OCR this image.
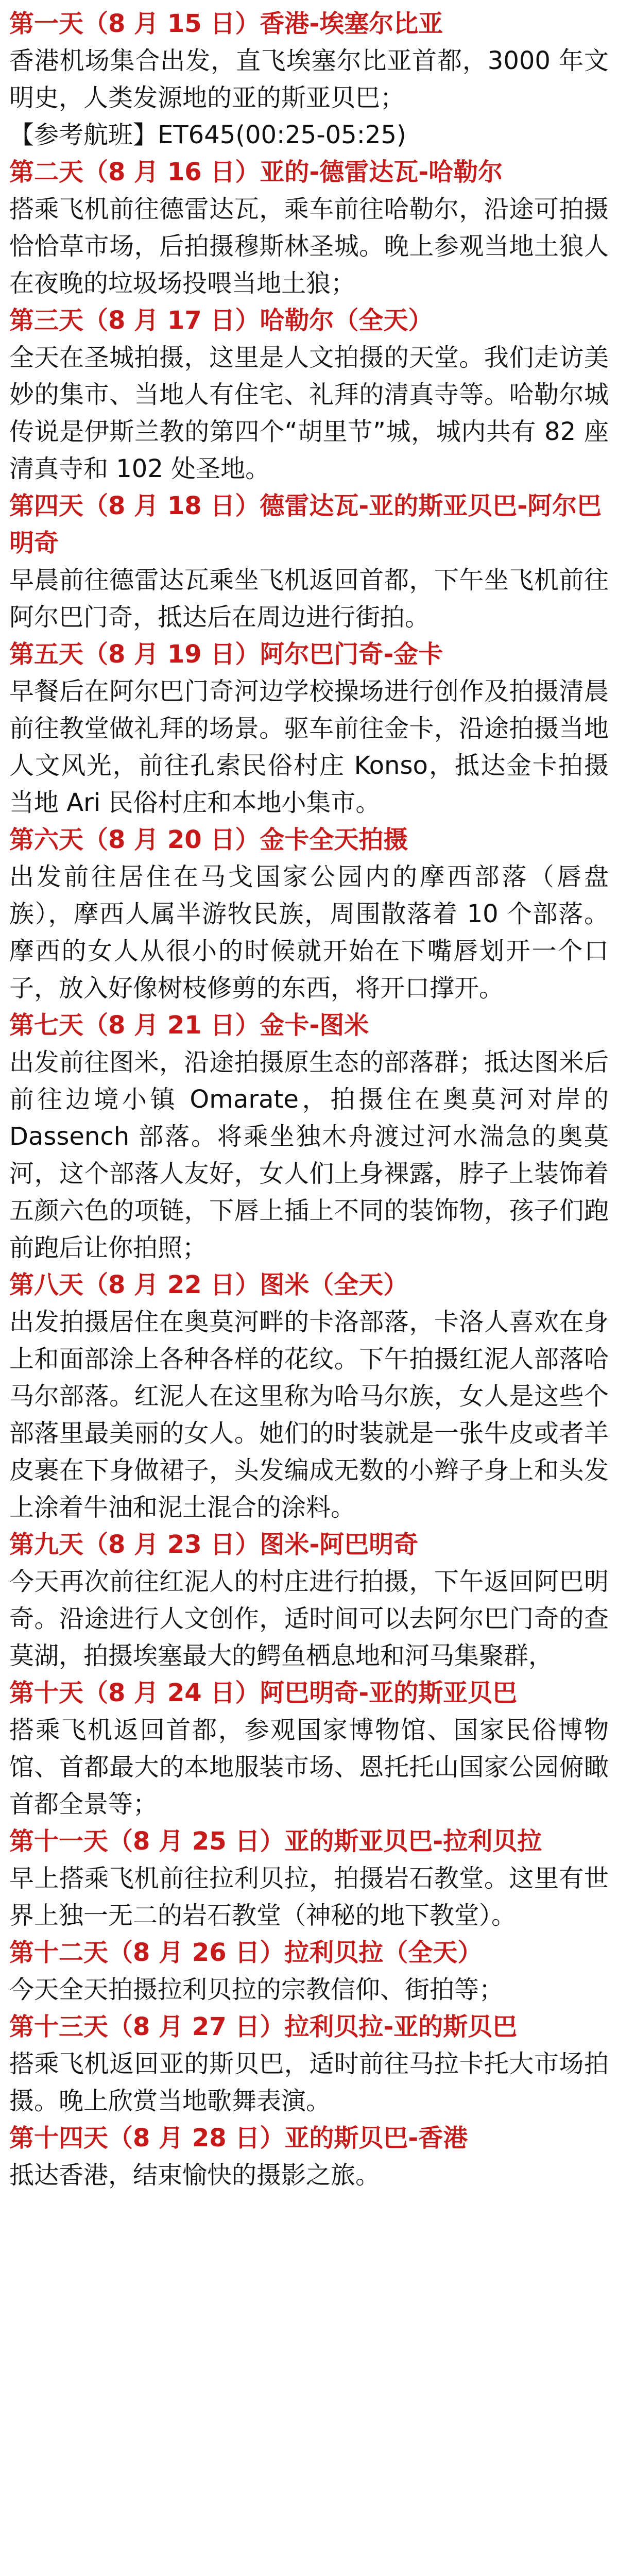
第一天（8 月 15 日）香港-埃塞尔比亚

香港机场集合出发，直飞埃塞尔比亚首都，3000 年文明史，人类发源地的亚的斯亚贝巴；

【参考航班】ET645(00:25-05:25)

第二天（8 月 16 日）亚的-德雷达瓦-哈勒尔

搭乘飞机前往德雷达瓦，乘车前往哈勒尔，沿途可拍摄恰恰草市场，后拍摄穆斯林圣城。晚上参观当地土狼人在夜晚的垃圾场投喂当地土狼；

第三天（8 月 17 日）哈勒尔（全天）

全天在圣城拍摄，这里是人文拍摄的天堂。我们走访美妙的集市、当地人有住宅、礼拜的清真寺等。哈勒尔城传说是伊斯兰教的第四个“胡里节”城，城内共有 82 座清真寺和 102 处圣地。

第四天（8 月 18 日）德雷达瓦-亚的斯亚贝巴-阿尔巴明奇

早晨前往德雷达瓦乘坐飞机返回首都，下午坐飞机前往阿尔巴门奇，抵达后在周边进行街拍。

第五天（8 月 19 日）阿尔巴门奇-金卡

早餐后在阿尔巴门奇河边学校操场进行创作及拍摄清晨前往教堂做礼拜的场景。驱车前往金卡，沿途拍摄当地人文风光，前往孔索民俗村庄 Konso，抵达金卡拍摄当地 Ari 民俗村庄和本地小集市。

第六天（8 月 20 日）金卡全天拍摄

出发前往居住在马戈国家公园内的摩西部落（唇盘族），摩西人属半游牧民族，周围散落着 10 个部落。摩西的女人从很小的时候就开始在下嘴唇划开一个口子，放入好像树枝修剪的东西，将开口撑开。

第七天（8 月 21 日）金卡-图米

出发前往图米，沿途拍摄原生态的部落群；抵达图米后前往边境小镇 Omarate，拍摄住在奥莫河对岸的 Dassench 部落。将乘坐独木舟渡过河水湍急的奥莫河，这个部落人友好，女人们上身裸露，脖子上装饰着五颜六色的项链，下唇上插上不同的装饰物，孩子们跑前跑后让你拍照；

第八天（8 月 22 日）图米（全天）

出发拍摄居住在奥莫河畔的卡洛部落，卡洛人喜欢在身上和面部涂上各种各样的花纹。下午拍摄红泥人部落哈马尔部落。红泥人在这里称为哈马尔族，女人是这些个部落里最美丽的女人。她们的时装就是一张牛皮或者羊皮裹在下身做裙子，头发编成无数的小辫子身上和头发上涂着牛油和泥土混合的涂料。

第九天（8 月 23 日）图米-阿巴明奇

今天再次前往红泥人的村庄进行拍摄，下午返回阿巴明奇。沿途进行人文创作，适时间可以去阿尔巴门奇的查莫湖，拍摄埃塞最大的鳄鱼栖息地和河马集聚群，

第十天（8 月 24 日）阿巴明奇-亚的斯亚贝巴

搭乘飞机返回首都，参观国家博物馆、国家民俗博物馆、首都最大的本地服装市场、恩托托山国家公园俯瞰首都全景等；

第十一天（8 月 25 日）亚的斯亚贝巴-拉利贝拉

早上搭乘飞机前往拉利贝拉，拍摄岩石教堂。这里有世界上独一无二的岩石教堂（神秘的地下教堂）。

第十二天（8 月 26 日）拉利贝拉（全天）

今天全天拍摄拉利贝拉的宗教信仰、街拍等；

第十三天（8 月 27 日）拉利贝拉-亚的斯贝巴

搭乘飞机返回亚的斯贝巴，适时前往马拉卡托大市场拍摄。晚上欣赏当地歌舞表演。

第十四天（8 月 28 日）亚的斯贝巴-香港

抵达香港，结束愉快的摄影之旅。
